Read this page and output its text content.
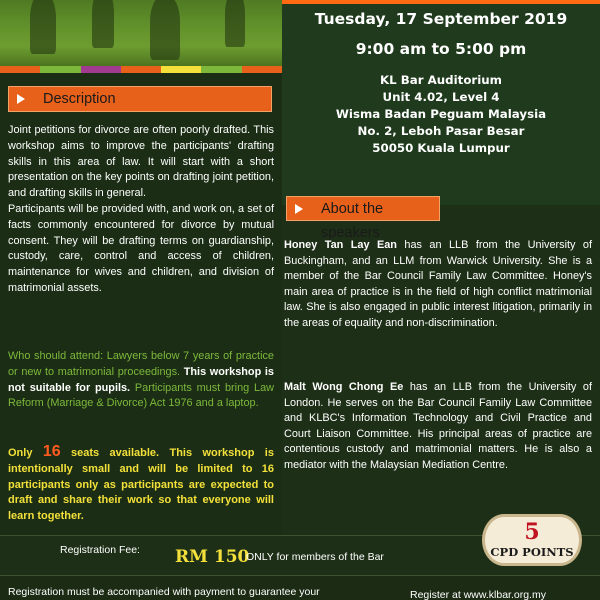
Tuesday, 17 September 2019
9:00 am to 5:00 pm
KL Bar Auditorium
Unit 4.02, Level 4
Wisma Badan Peguam Malaysia
No. 2, Leboh Pasar Besar
50050 Kuala Lumpur
Description

Joint petitions for divorce are often poorly drafted. This workshop aims to improve the participants' drafting skills in this area of law. It will start with a short presentation on the key points on drafting joint petition, and drafting skills in general.

Participants will be provided with, and work on, a set of facts commonly encountered for divorce by mutual consent. They will be drafting terms on guardianship, custody, care, control and access of children, maintenance for wives and children, and division of matrimonial assets.

Who should attend: Lawyers below 7 years of practice or new to matrimonial proceedings. This workshop is not suitable for pupils. Participants must bring Law Reform (Marriage & Divorce) Act 1976 and a laptop.
Only 16 seats available. This workshop is intentionally small and will be limited to 16 participants only as participants are expected to draft and share their work so that everyone will learn together.
About the speakers
Honey Tan Lay Ean has an LLB from the University of Buckingham, and an LLM from Warwick University. She is a member of the Bar Council Family Law Committee. Honey's main area of practice is in the field of high conflict matrimonial law. She is also engaged in public interest litigation, primarily in the areas of equality and non-discrimination.
Malt Wong Chong Ee has an LLB from the University of London. He serves on the Bar Council Family Law Committee and KLBC's Information Technology and Civil Practice and Court Liaison Committee. His principal areas of practice are contentious custody and matrimonial matters. He is also a mediator with the Malaysian Mediation Centre.
Registration Fee: RM 150
ONLY for members of the Bar
5
CPD POINTS
Registration must be accompanied with payment to guarantee your	Register at www.klbar.org.my
